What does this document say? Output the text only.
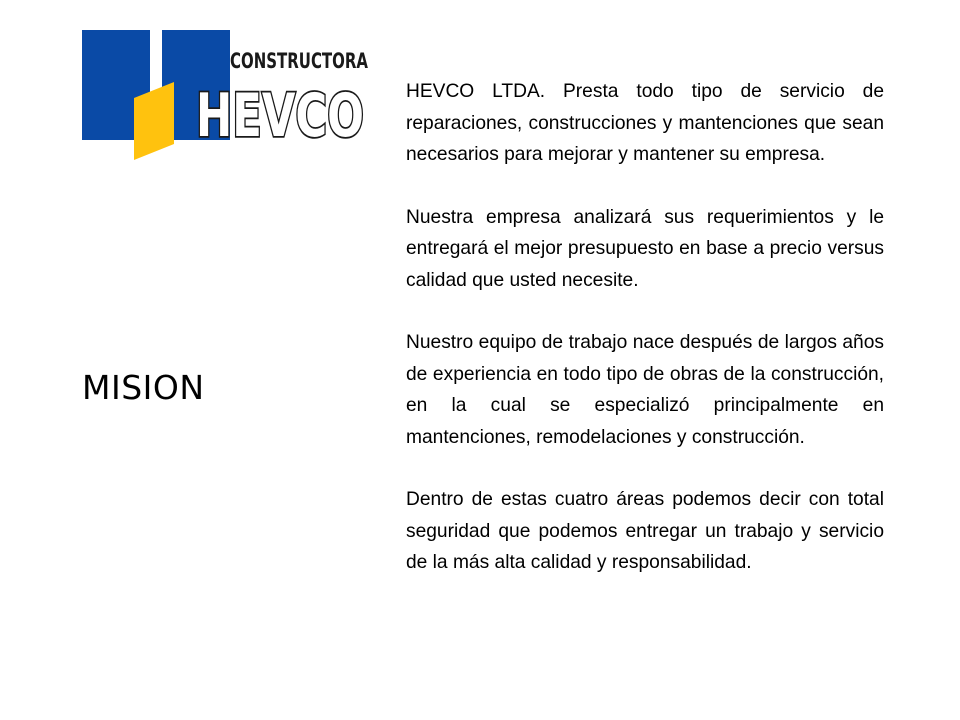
CONSTRUCTORA
HEVCO
MISION

HEVCO LTDA. Presta todo tipo de servicio de reparaciones, construcciones y mantenciones que sean necesarios para mejorar y mantener su empresa.

Nuestra empresa analizará sus requerimientos y le entregará el mejor presupuesto en base a precio versus calidad que usted necesite.

Nuestro equipo de trabajo nace después de largos años de experiencia en todo tipo de obras de la construcción, en la cual se especializó principalmente en mantenciones, remodelaciones y construcción.

Dentro de estas cuatro áreas podemos decir con total seguridad que podemos entregar un trabajo y servicio de la más alta calidad y responsabilidad.
